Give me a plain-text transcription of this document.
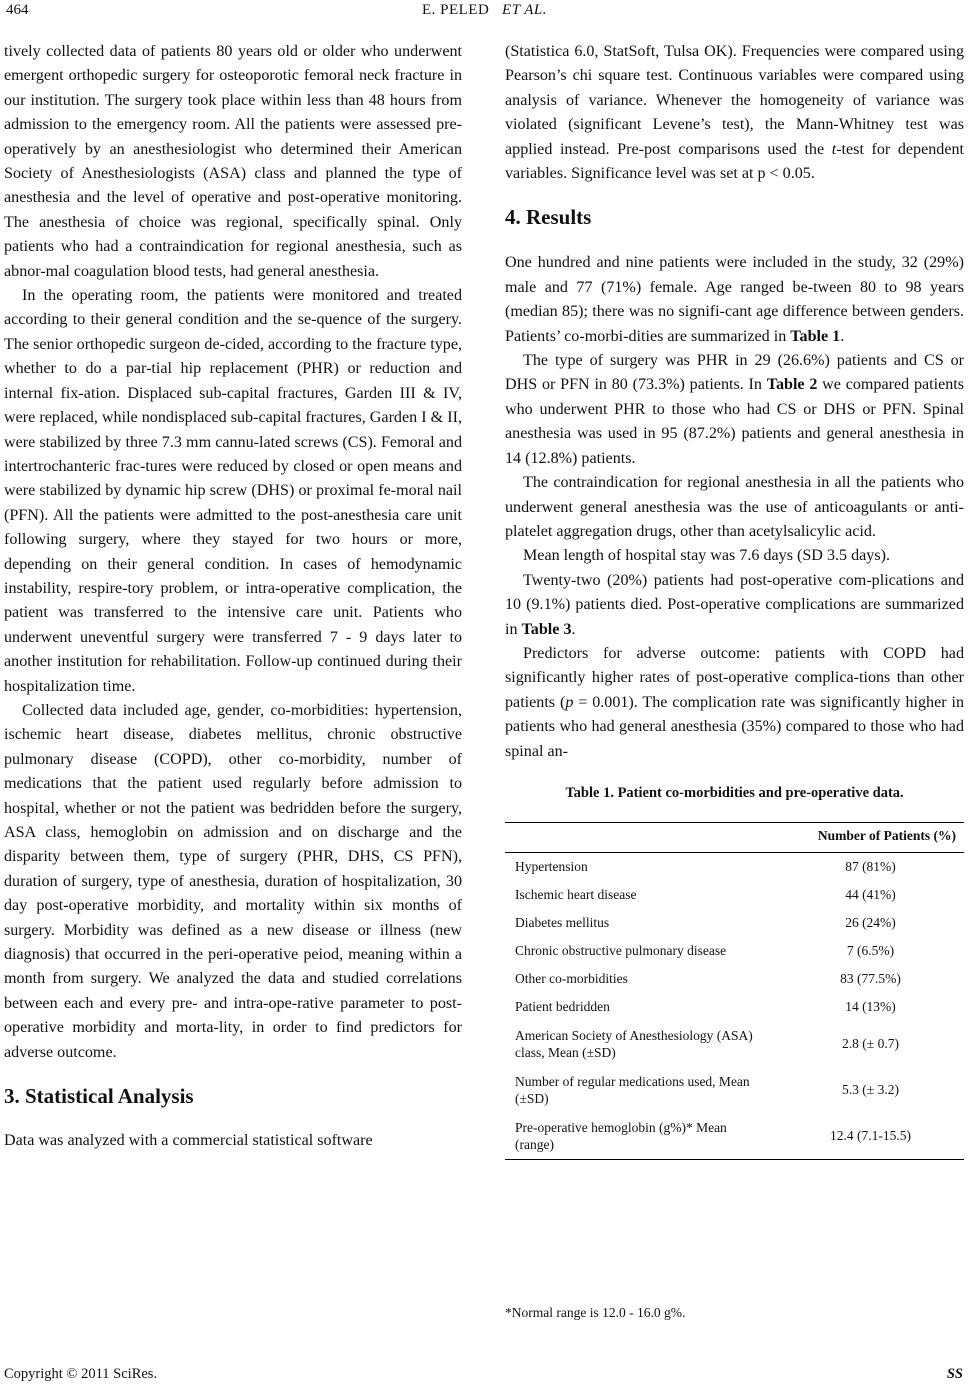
464	E. PELED ET AL.

tively collected data of patients 80 years old or older who underwent emergent orthopedic surgery for osteoporotic femoral neck fracture in our institution. The surgery took place within less than 48 hours from admission to the emergency room. All the patients were assessed pre-operatively by an anesthesiologist who determined their American Society of Anesthesiologists (ASA) class and planned the type of anesthesia and the level of operative and post-operative monitoring. The anesthesia of choice was regional, specifically spinal. Only patients who had a contraindication for regional anesthesia, such as abnor-mal coagulation blood tests, had general anesthesia.

In the operating room, the patients were monitored and treated according to their general condition and the se-quence of the surgery. The senior orthopedic surgeon de-cided, according to the fracture type, whether to do a par-tial hip replacement (PHR) or reduction and internal fix-ation. Displaced sub-capital fractures, Garden III & IV, were replaced, while nondisplaced sub-capital fractures, Garden I & II, were stabilized by three 7.3 mm cannu-lated screws (CS). Femoral and intertrochanteric frac-tures were reduced by closed or open means and were stabilized by dynamic hip screw (DHS) or proximal fe-moral nail (PFN). All the patients were admitted to the post-anesthesia care unit following surgery, where they stayed for two hours or more, depending on their general condition. In cases of hemodynamic instability, respire-tory problem, or intra-operative complication, the patient was transferred to the intensive care unit. Patients who underwent uneventful surgery were transferred 7 - 9 days later to another institution for rehabilitation. Follow-up continued during their hospitalization time.

Collected data included age, gender, co-morbidities: hypertension, ischemic heart disease, diabetes mellitus, chronic obstructive pulmonary disease (COPD), other co-morbidity, number of medications that the patient used regularly before admission to hospital, whether or not the patient was bedridden before the surgery, ASA class, hemoglobin on admission and on discharge and the disparity between them, type of surgery (PHR, DHS, CS PFN), duration of surgery, type of anesthesia, duration of hospitalization, 30 day post-operative morbidity, and mortality within six months of surgery. Morbidity was defined as a new disease or illness (new diagnosis) that occurred in the peri-operative peiod, meaning within a month from surgery. We analyzed the data and studied correlations between each and every pre- and intra-ope-rative parameter to post-operative morbidity and morta-lity, in order to find predictors for adverse outcome.

3. Statistical Analysis

Data was analyzed with a commercial statistical software

(Statistica 6.0, StatSoft, Tulsa OK). Frequencies were compared using Pearson’s chi square test. Continuous variables were compared using analysis of variance. Whenever the homogeneity of variance was violated (significant Levene’s test), the Mann-Whitney test was applied instead. Pre-post comparisons used the t-test for dependent variables. Significance level was set at p < 0.05.

4. Results

One hundred and nine patients were included in the study, 32 (29%) male and 77 (71%) female. Age ranged be-tween 80 to 98 years (median 85); there was no signifi-cant age difference between genders. Patients’ co-morbi-dities are summarized in Table 1.

The type of surgery was PHR in 29 (26.6%) patients and CS or DHS or PFN in 80 (73.3%) patients. In Table 2 we compared patients who underwent PHR to those who had CS or DHS or PFN. Spinal anesthesia was used in 95 (87.2%) patients and general anesthesia in 14 (12.8%) patients.

The contraindication for regional anesthesia in all the patients who underwent general anesthesia was the use of anticoagulants or anti-platelet aggregation drugs, other than acetylsalicylic acid.

Mean length of hospital stay was 7.6 days (SD 3.5 days).

Twenty-two (20%) patients had post-operative com-plications and 10 (9.1%) patients died. Post-operative complications are summarized in Table 3.

Predictors for adverse outcome: patients with COPD had significantly higher rates of post-operative complica-tions than other patients (p = 0.001). The complication rate was significantly higher in patients who had general anesthesia (35%) compared to those who had spinal an-

Table 1. Patient co-morbidities and pre-operative data.

	Number of Patients (%)
Hypertension	87 (81%)
Ischemic heart disease	44 (41%)
Diabetes mellitus	26 (24%)
Chronic obstructive pulmonary disease	7 (6.5%)
Other co-morbidities	83 (77.5%)
Patient bedridden	14 (13%)
American Society of Anesthesiology (ASA) class, Mean (±SD)	2.8 (± 0.7)
Number of regular medications used, Mean (±SD)	5.3 (± 3.2)
Pre-operative hemoglobin (g%)* Mean (range)	12.4 (7.1-15.5)
*Normal range is 12.0 - 16.0 g%.
Copyright © 2011 SciRes.	SS
